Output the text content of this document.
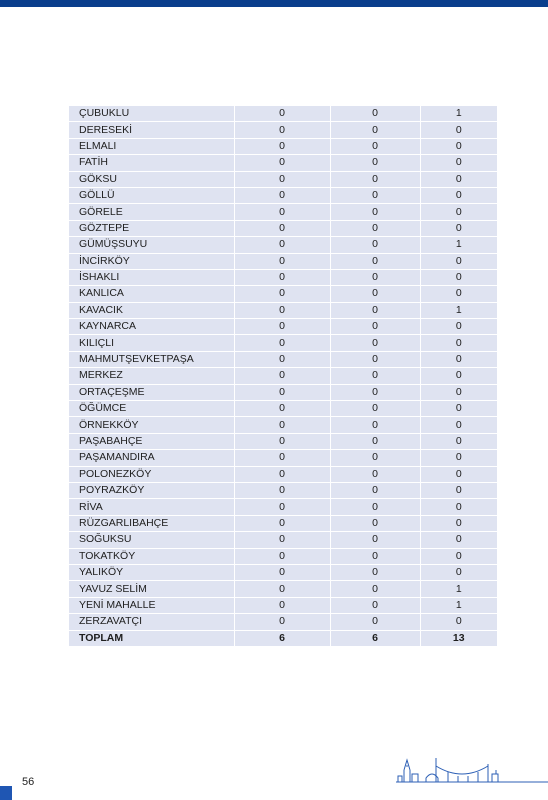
ÇUBUKLU	0	0	1
DERESEKİ	0	0	0
ELMALI	0	0	0
FATİH	0	0	0
GÖKSU	0	0	0
GÖLLÜ	0	0	0
GÖRELE	0	0	0
GÖZTEPE	0	0	0
GÜMÜŞSUYU	0	0	1
İNCİRKÖY	0	0	0
İSHAKLI	0	0	0
KANLICA	0	0	0
KAVACIK	0	0	1
KAYNARCA	0	0	0
KILIÇLI	0	0	0
MAHMUTŞEVKETPAŞA	0	0	0
MERKEZ	0	0	0
ORTAÇEŞME	0	0	0
ÖĞÜMCE	0	0	0
ÖRNEKKÖY	0	0	0
PAŞABAHÇE	0	0	0
PAŞAMANDIRA	0	0	0
POLONEZKÖY	0	0	0
POYRAZKÖY	0	0	0
RİVA	0	0	0
RÜZGARLIBAHÇE	0	0	0
SOĞUKSU	0	0	0
TOKATKÖY	0	0	0
YALIKÖY	0	0	0
YAVUZ SELİM	0	0	1
YENİ MAHALLE	0	0	1
ZERZAVATÇI	0	0	0
TOPLAM	6	6	13
56
